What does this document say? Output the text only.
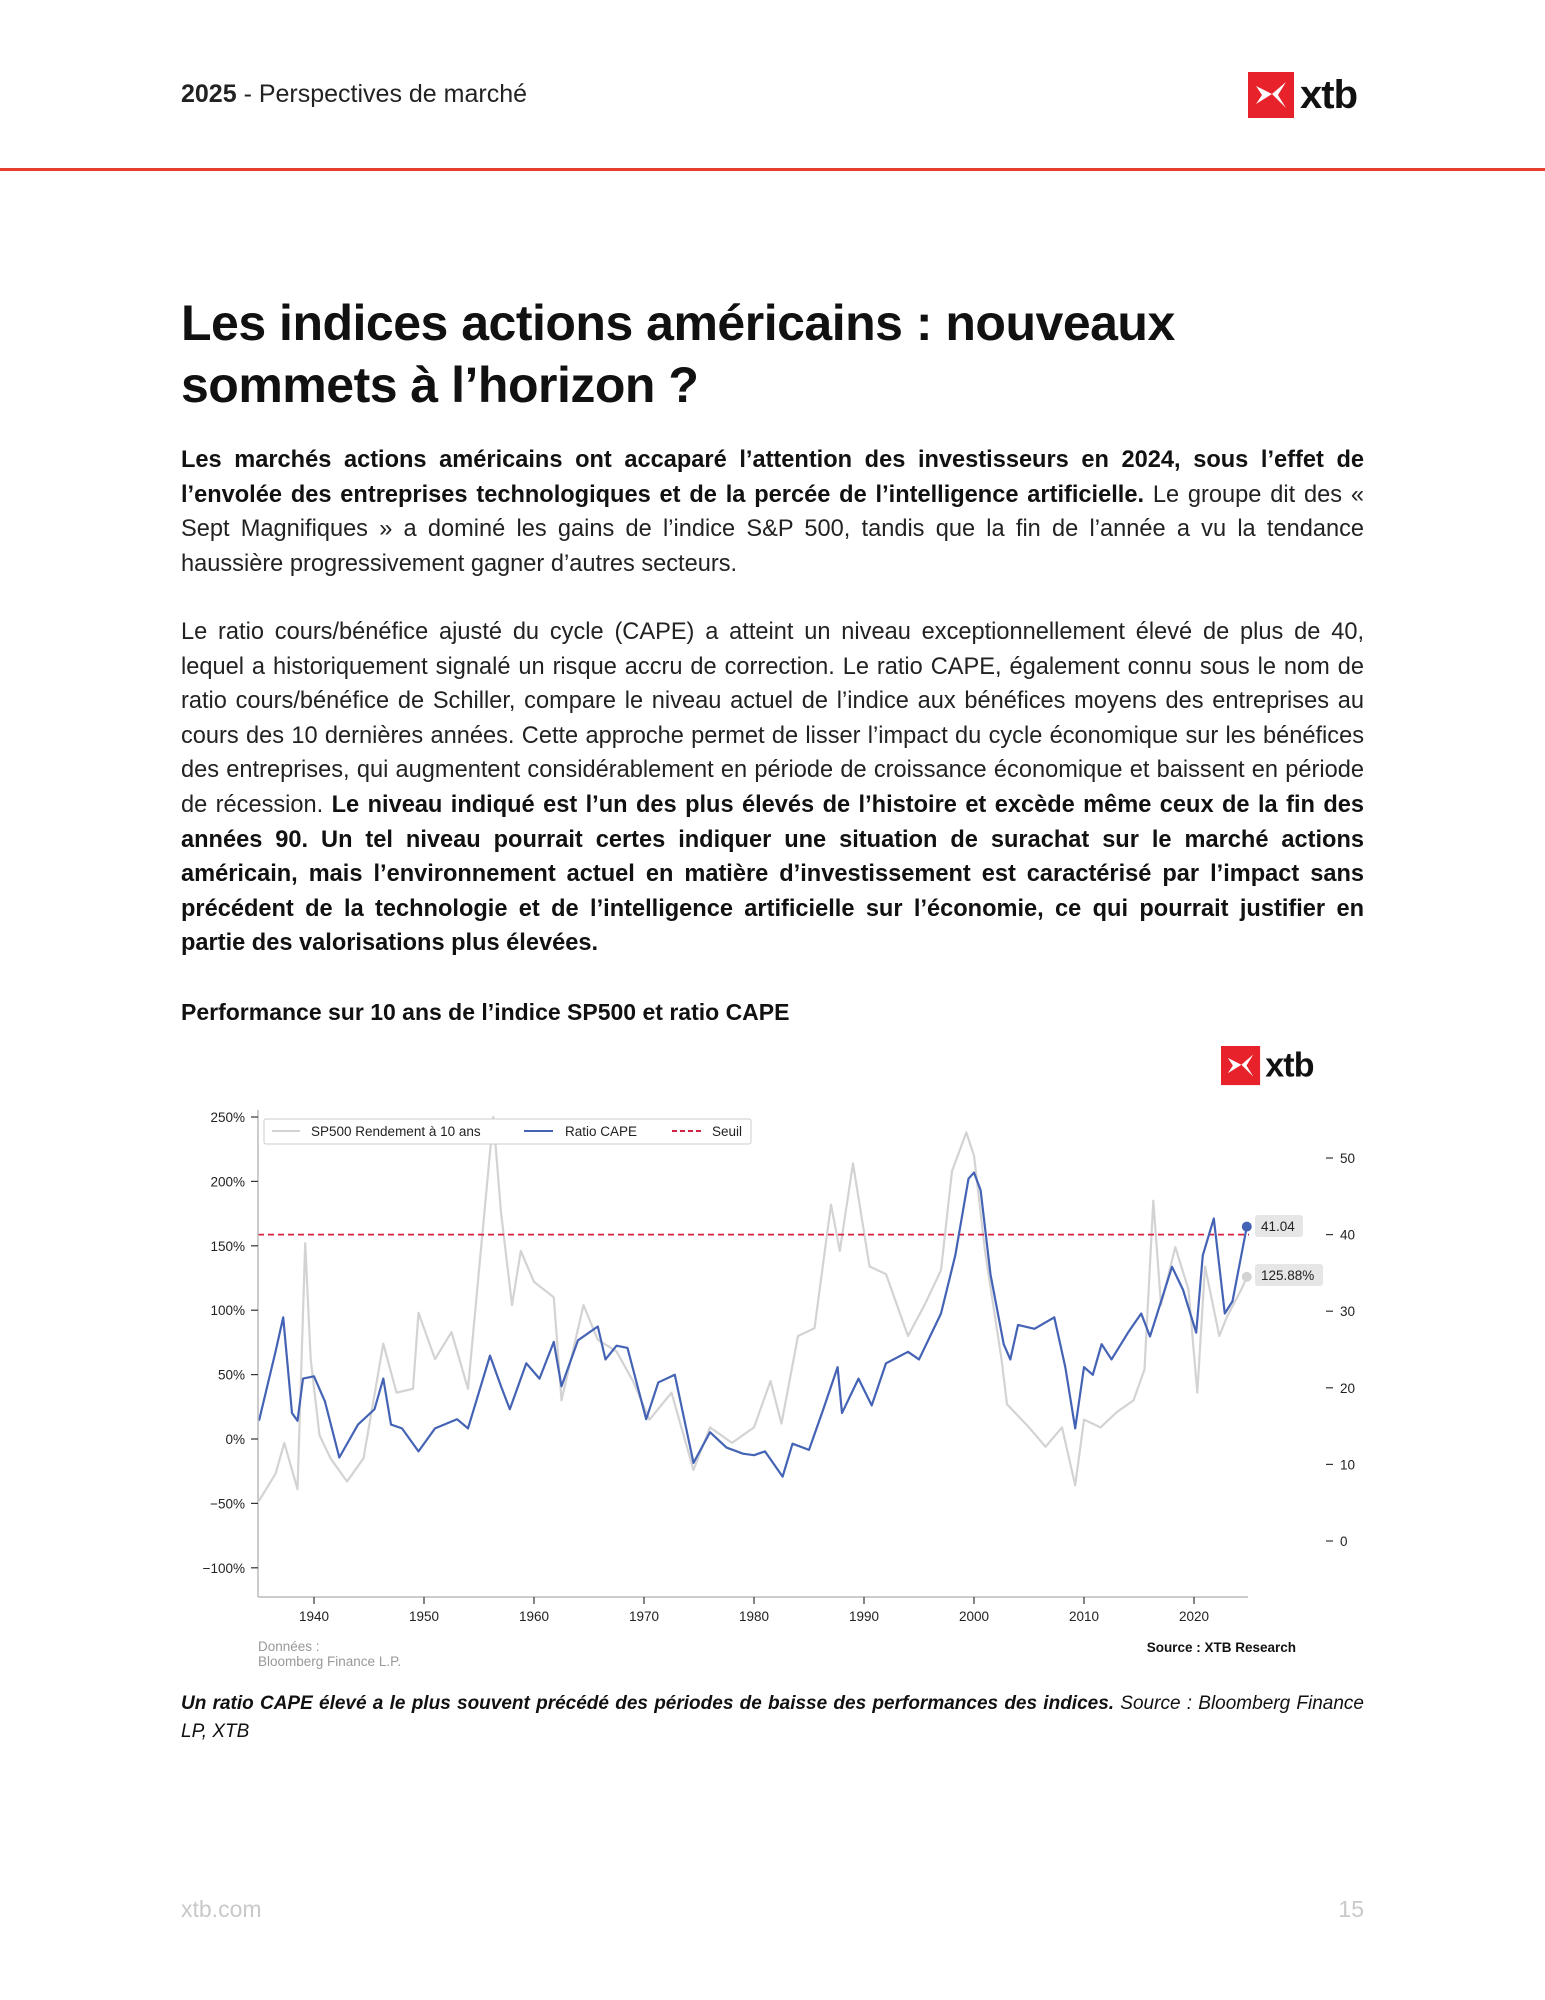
2025 - Perspectives de marché	xtb
Les indices actions américains : nouveaux sommets à l’horizon ?
Les marchés actions américains ont accaparé l’attention des investisseurs en 2024, sous l’effet de l’envolée des entreprises technologiques et de la percée de l’intelligence artificielle. Le groupe dit des « Sept Magnifiques » a dominé les gains de l’indice S&P 500, tandis que la fin de l’année a vu la tendance haussière progressivement gagner d’autres secteurs.
Le ratio cours/bénéfice ajusté du cycle (CAPE) a atteint un niveau exceptionnellement élevé de plus de 40, lequel a historiquement signalé un risque accru de correction. Le ratio CAPE, également connu sous le nom de ratio cours/bénéfice de Schiller, compare le niveau actuel de l’indice aux bénéfices moyens des entreprises au cours des 10 dernières années. Cette approche permet de lisser l’impact du cycle économique sur les bénéfices des entreprises, qui augmentent considérablement en période de croissance économique et baissent en période de récession. Le niveau indiqué est l’un des plus élevés de l’histoire et excède même ceux de la fin des années 90. Un tel niveau pourrait certes indiquer une situation de surachat sur le marché actions américain, mais l’environnement actuel en matière d’investissement est caractérisé par l’impact sans précédent de la technologie et de l’intelligence artificielle sur l’économie, ce qui pourrait justifier en partie des valorisations plus élevées.
Performance sur 10 ans de l’indice SP500 et ratio CAPE
xtb
250%
200%
150%
100%
50%
0%
−50%
−100%
50
40
30
20
10
0
1940	1950	1960	1970	1980	1990	2000	2010	2020
SP500 Rendement à 10 ans	Ratio CAPE	Seuil
41.04
125.88%
Données :
Bloomberg Finance L.P.
Source : XTB Research
Un ratio CAPE élevé a le plus souvent précédé des périodes de baisse des performances des indices. Source : Bloomberg Finance LP, XTB
xtb.com	15
